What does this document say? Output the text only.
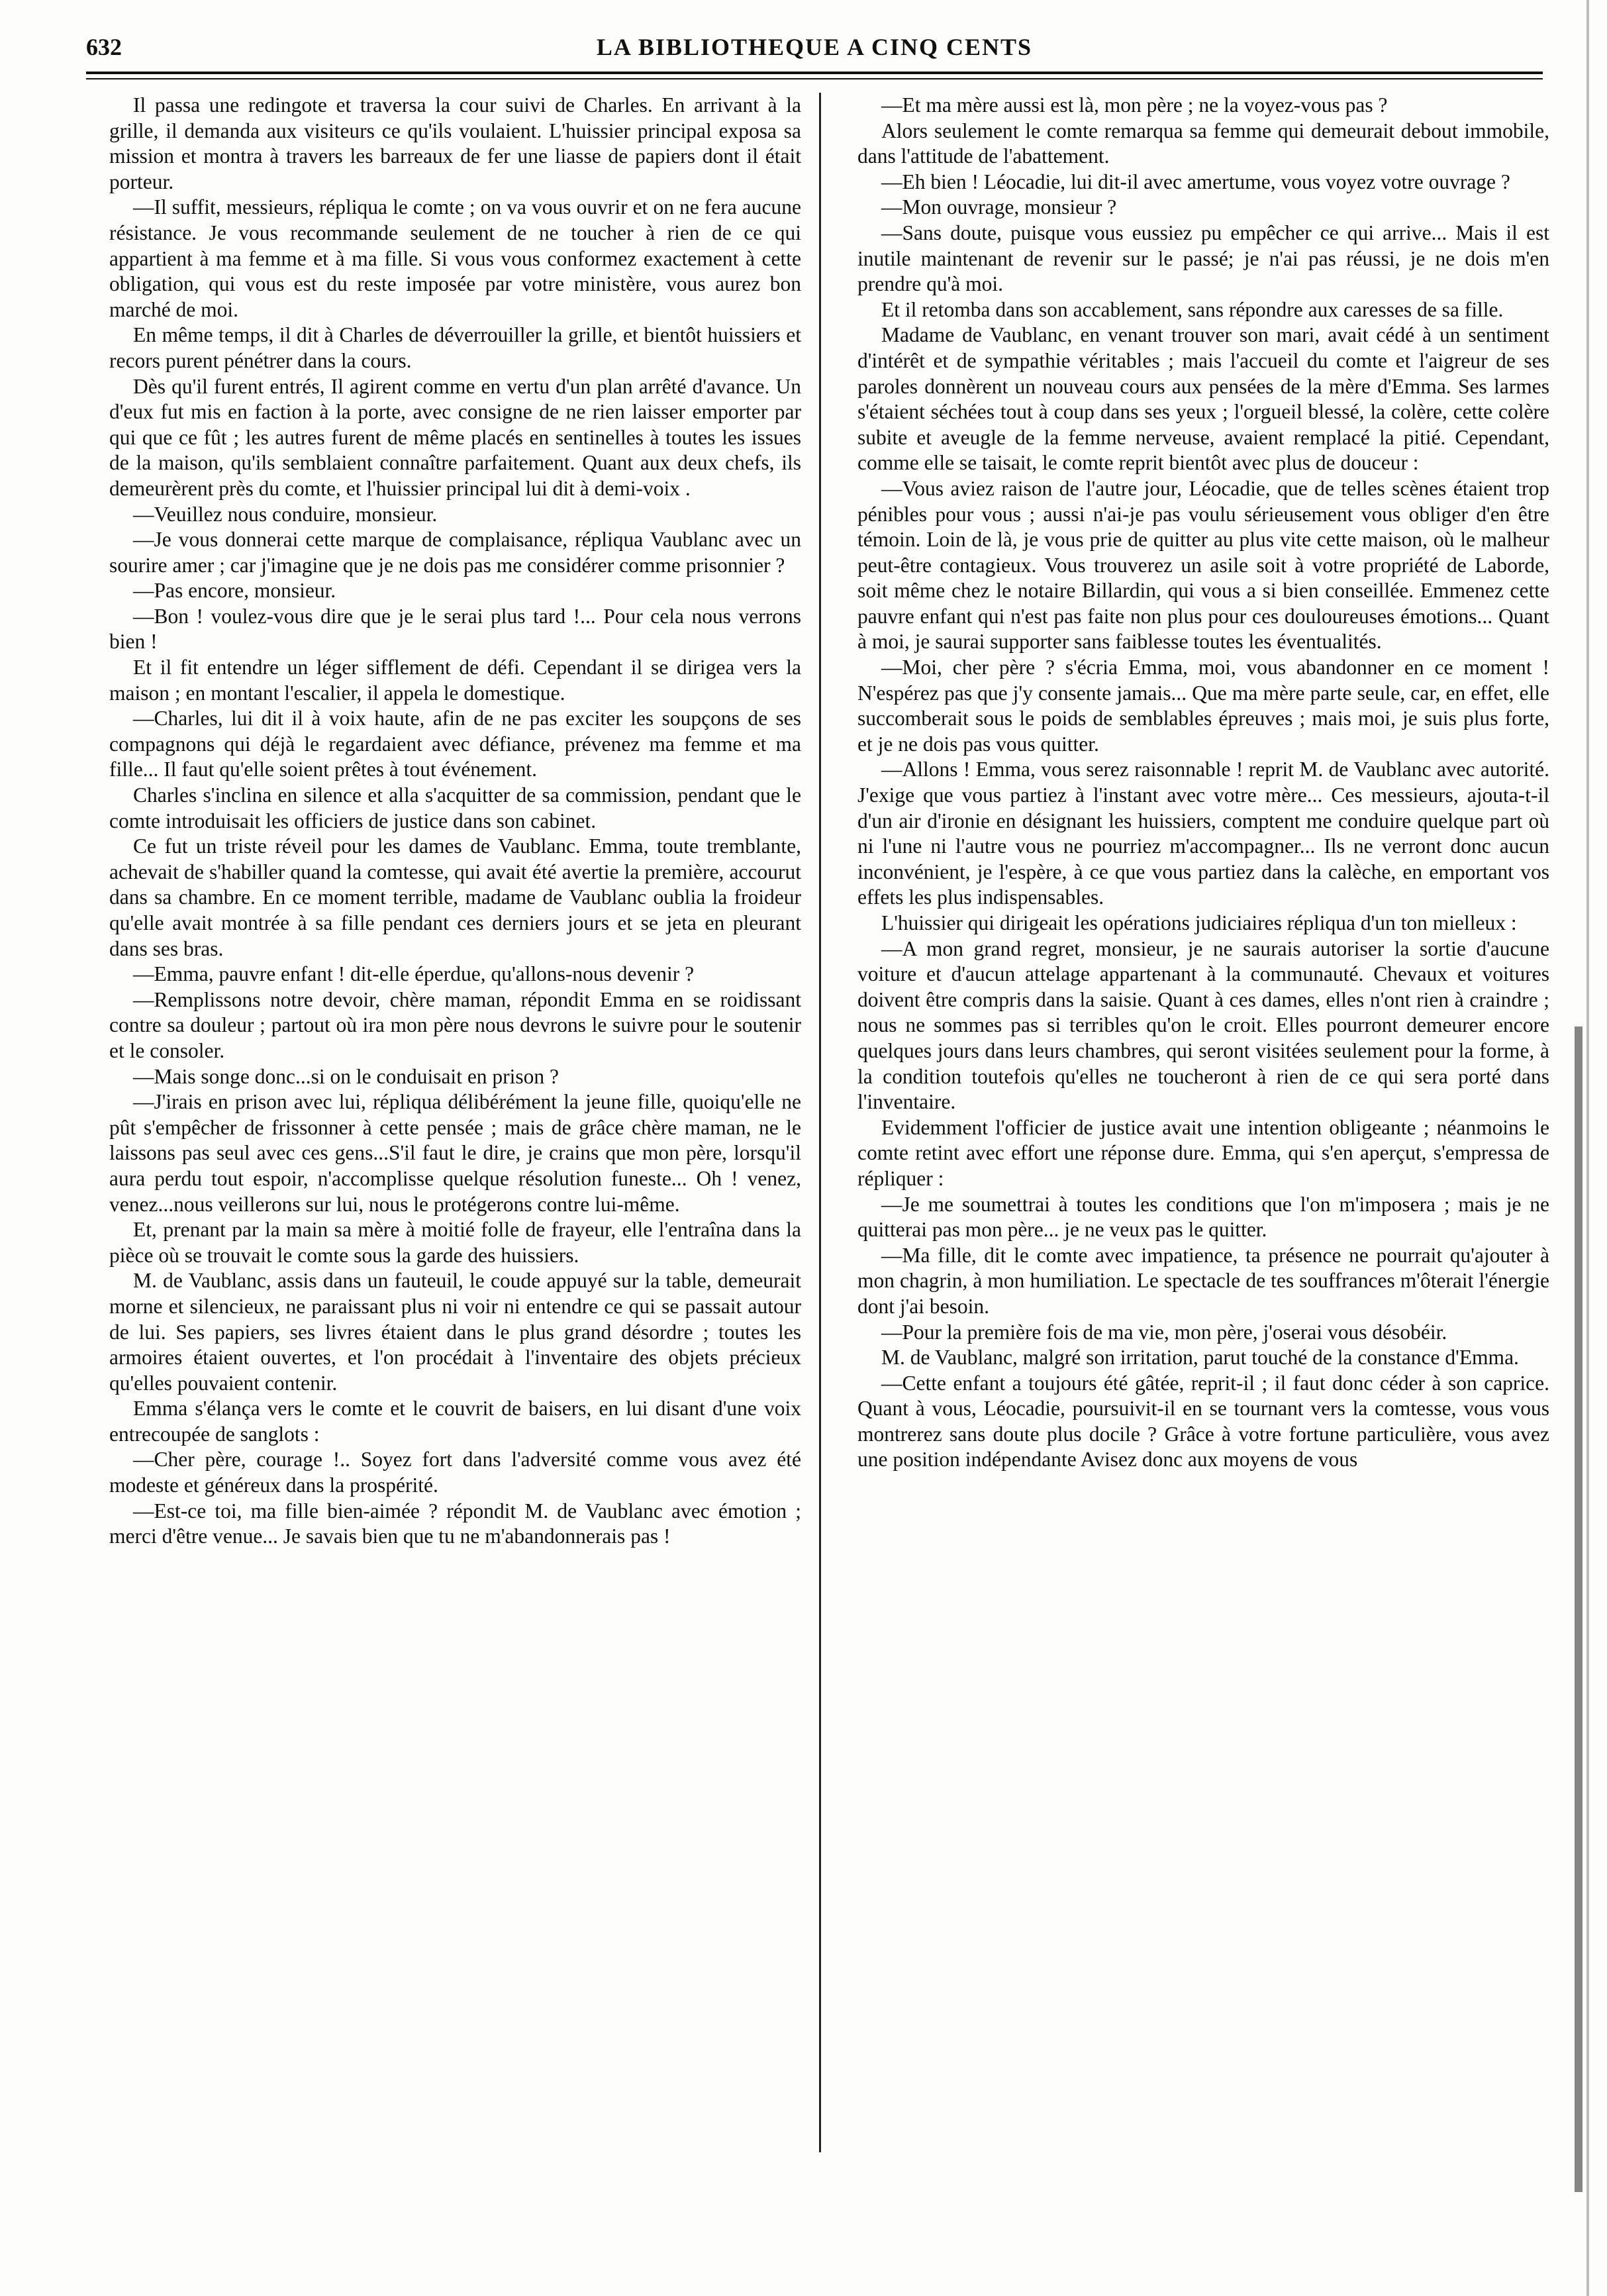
632	LA BIBLIOTHEQUE A CINQ CENTS

Il passa une redingote et traversa la cour suivi de Charles. En arrivant à la grille, il demanda aux visiteurs ce qu'ils voulaient. L'huissier principal exposa sa mission et montra à travers les barreaux de fer une liasse de papiers dont il était porteur.

—Il suffit, messieurs, répliqua le comte ; on va vous ouvrir et on ne fera aucune résistance. Je vous recommande seulement de ne toucher à rien de ce qui appartient à ma femme et à ma fille. Si vous vous conformez exactement à cette obligation, qui vous est du reste imposée par votre ministère, vous aurez bon marché de moi.

En même temps, il dit à Charles de déverrouiller la grille, et bientôt huissiers et recors purent pénétrer dans la cours.

Dès qu'il furent entrés, Il agirent comme en vertu d'un plan arrêté d'avance. Un d'eux fut mis en faction à la porte, avec consigne de ne rien laisser emporter par qui que ce fût ; les autres furent de même placés en sentinelles à toutes les issues de la maison, qu'ils semblaient connaître parfaitement. Quant aux deux chefs, ils demeurèrent près du comte, et l'huissier principal lui dit à demi-voix .

—Veuillez nous conduire, monsieur.

—Je vous donnerai cette marque de complaisance, répliqua Vaublanc avec un sourire amer ; car j'imagine que je ne dois pas me considérer comme prisonnier ?

—Pas encore, monsieur.

—Bon ! voulez-vous dire que je le serai plus tard !... Pour cela nous verrons bien !

Et il fit entendre un léger sifflement de défi. Cependant il se dirigea vers la maison ; en montant l'escalier, il appela le domestique.

—Charles, lui dit il à voix haute, afin de ne pas exciter les soupçons de ses compagnons qui déjà le regardaient avec défiance, prévenez ma femme et ma fille... Il faut qu'elle soient prêtes à tout événement.

Charles s'inclina en silence et alla s'acquitter de sa commission, pendant que le comte introduisait les officiers de justice dans son cabinet.

Ce fut un triste réveil pour les dames de Vaublanc. Emma, toute tremblante, achevait de s'habiller quand la comtesse, qui avait été avertie la première, accourut dans sa chambre. En ce moment terrible, madame de Vaublanc oublia la froideur qu'elle avait montrée à sa fille pendant ces derniers jours et se jeta en pleurant dans ses bras.

—Emma, pauvre enfant ! dit-elle éperdue, qu'allons-nous devenir ?

—Remplissons notre devoir, chère maman, répondit Emma en se roidissant contre sa douleur ; partout où ira mon père nous devrons le suivre pour le soutenir et le consoler.

—Mais songe donc...si on le conduisait en prison ?

—J'irais en prison avec lui, répliqua délibérément la jeune fille, quoiqu'elle ne pût s'empêcher de frissonner à cette pensée ; mais de grâce chère maman, ne le laissons pas seul avec ces gens...S'il faut le dire, je crains que mon père, lorsqu'il aura perdu tout espoir, n'accomplisse quelque résolution funeste... Oh ! venez, venez...nous veillerons sur lui, nous le protégerons contre lui-même.

Et, prenant par la main sa mère à moitié folle de frayeur, elle l'entraîna dans la pièce où se trouvait le comte sous la garde des huissiers.

M. de Vaublanc, assis dans un fauteuil, le coude appuyé sur la table, demeurait morne et silencieux, ne paraissant plus ni voir ni entendre ce qui se passait autour de lui. Ses papiers, ses livres étaient dans le plus grand désordre ; toutes les armoires étaient ouvertes, et l'on procédait à l'inventaire des objets précieux qu'elles pouvaient contenir.

Emma s'élança vers le comte et le couvrit de baisers, en lui disant d'une voix entrecoupée de sanglots :

—Cher père, courage !.. Soyez fort dans l'adversité comme vous avez été modeste et généreux dans la prospérité.

—Est-ce toi, ma fille bien-aimée ? répondit M. de Vaublanc avec émotion ; merci d'être venue... Je savais bien que tu ne m'abandonnerais pas !

—Et ma mère aussi est là, mon père ; ne la voyez-vous pas ?

Alors seulement le comte remarqua sa femme qui demeurait debout immobile, dans l'attitude de l'abattement.

—Eh bien ! Léocadie, lui dit-il avec amertume, vous voyez votre ouvrage ?

—Mon ouvrage, monsieur ?

—Sans doute, puisque vous eussiez pu empêcher ce qui arrive... Mais il est inutile maintenant de revenir sur le passé; je n'ai pas réussi, je ne dois m'en prendre qu'à moi.

Et il retomba dans son accablement, sans répondre aux caresses de sa fille.

Madame de Vaublanc, en venant trouver son mari, avait cédé à un sentiment d'intérêt et de sympathie véritables ; mais l'accueil du comte et l'aigreur de ses paroles donnèrent un nouveau cours aux pensées de la mère d'Emma. Ses larmes s'étaient séchées tout à coup dans ses yeux ; l'orgueil blessé, la colère, cette colère subite et aveugle de la femme nerveuse, avaient remplacé la pitié. Cependant, comme elle se taisait, le comte reprit bientôt avec plus de douceur :

—Vous aviez raison de l'autre jour, Léocadie, que de telles scènes étaient trop pénibles pour vous ; aussi n'ai-je pas voulu sérieusement vous obliger d'en être témoin. Loin de là, je vous prie de quitter au plus vite cette maison, où le malheur peut-être contagieux. Vous trouverez un asile soit à votre propriété de Laborde, soit même chez le notaire Billardin, qui vous a si bien conseillée. Emmenez cette pauvre enfant qui n'est pas faite non plus pour ces douloureuses émotions... Quant à moi, je saurai supporter sans faiblesse toutes les éventualités.

—Moi, cher père ? s'écria Emma, moi, vous abandonner en ce moment ! N'espérez pas que j'y consente jamais... Que ma mère parte seule, car, en effet, elle succomberait sous le poids de semblables épreuves ; mais moi, je suis plus forte, et je ne dois pas vous quitter.

—Allons ! Emma, vous serez raisonnable ! reprit M. de Vaublanc avec autorité. J'exige que vous partiez à l'instant avec votre mère... Ces messieurs, ajouta-t-il d'un air d'ironie en désignant les huissiers, comptent me conduire quelque part où ni l'une ni l'autre vous ne pourriez m'accompagner... Ils ne verront donc aucun inconvénient, je l'espère, à ce que vous partiez dans la calèche, en emportant vos effets les plus indispensables.

L'huissier qui dirigeait les opérations judiciaires répliqua d'un ton mielleux :

—A mon grand regret, monsieur, je ne saurais autoriser la sortie d'aucune voiture et d'aucun attelage appartenant à la communauté. Chevaux et voitures doivent être compris dans la saisie. Quant à ces dames, elles n'ont rien à craindre ; nous ne sommes pas si terribles qu'on le croit. Elles pourront demeurer encore quelques jours dans leurs chambres, qui seront visitées seulement pour la forme, à la condition toutefois qu'elles ne toucheront à rien de ce qui sera porté dans l'inventaire.

Evidemment l'officier de justice avait une intention obligeante ; néanmoins le comte retint avec effort une réponse dure. Emma, qui s'en aperçut, s'empressa de répliquer :

—Je me soumettrai à toutes les conditions que l'on m'imposera ; mais je ne quitterai pas mon père... je ne veux pas le quitter.

—Ma fille, dit le comte avec impatience, ta présence ne pourrait qu'ajouter à mon chagrin, à mon humiliation. Le spectacle de tes souffrances m'ôterait l'énergie dont j'ai besoin.

—Pour la première fois de ma vie, mon père, j'oserai vous désobéir.

M. de Vaublanc, malgré son irritation, parut touché de la constance d'Emma.

—Cette enfant a toujours été gâtée, reprit-il ; il faut donc céder à son caprice. Quant à vous, Léocadie, poursuivit-il en se tournant vers la comtesse, vous vous montrerez sans doute plus docile ? Grâce à votre fortune particulière, vous avez une position indépendante Avisez donc aux moyens de vous
